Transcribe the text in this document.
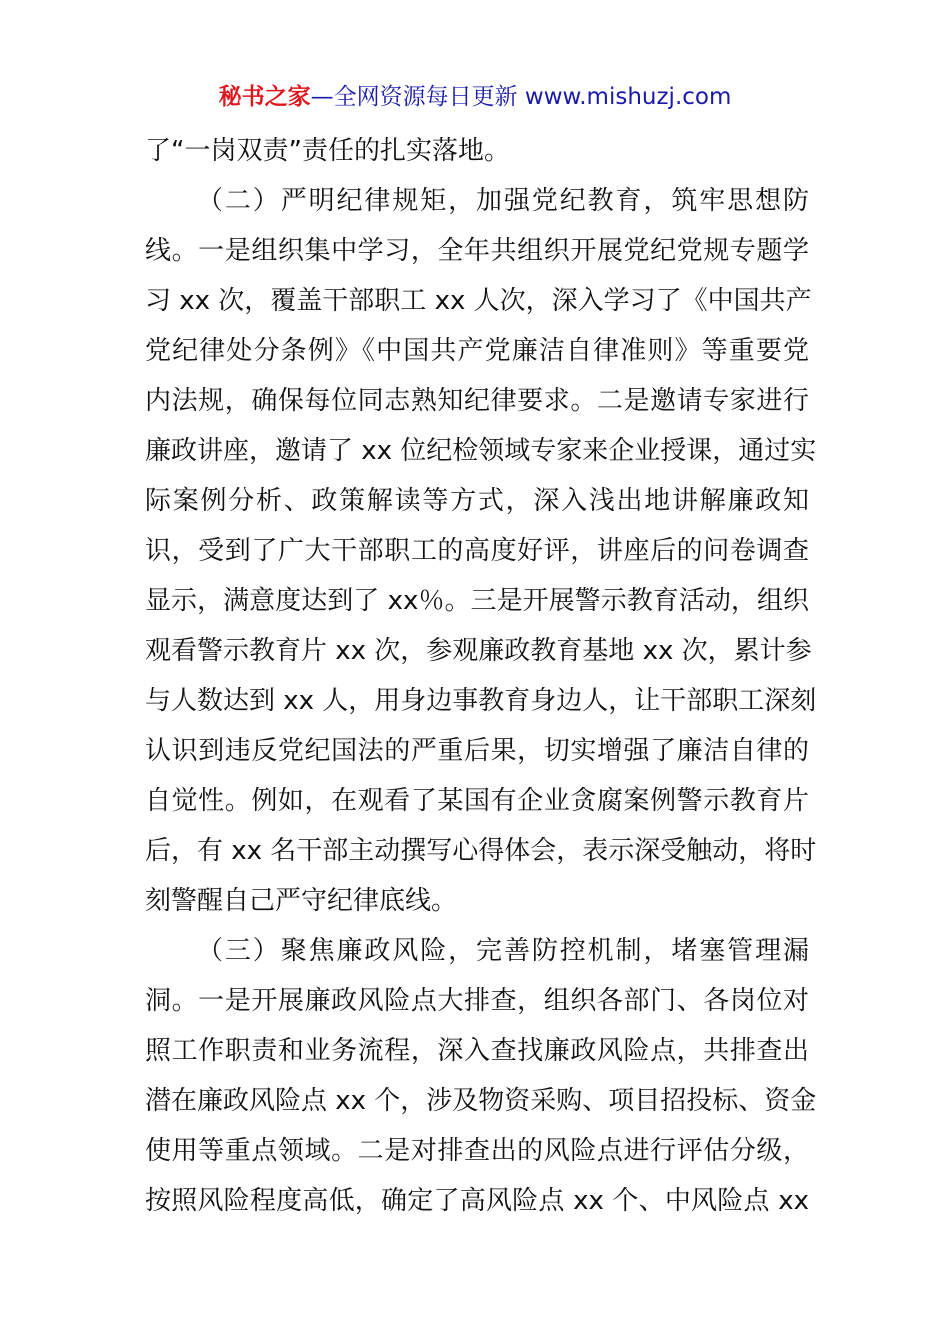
秘书之家—全网资源每日更新 www.mishuzj.com
了“一岗双责”责任的扎实落地。
（二）严明纪律规矩，加强党纪教育，筑牢思想防
线。一是组织集中学习，全年共组织开展党纪党规专题学
习 xx 次，覆盖干部职工 xx 人次，深入学习了《中国共产
党纪律处分条例》《中国共产党廉洁自律准则》等重要党
内法规，确保每位同志熟知纪律要求。二是邀请专家进行
廉政讲座，邀请了 xx 位纪检领域专家来企业授课，通过实
际案例分析、政策解读等方式，深入浅出地讲解廉政知
识，受到了广大干部职工的高度好评，讲座后的问卷调查
显示，满意度达到了 xx％。三是开展警示教育活动，组织
观看警示教育片 xx 次，参观廉政教育基地 xx 次，累计参
与人数达到 xx 人，用身边事教育身边人，让干部职工深刻
认识到违反党纪国法的严重后果，切实增强了廉洁自律的
自觉性。例如，在观看了某国有企业贪腐案例警示教育片
后，有 xx 名干部主动撰写心得体会，表示深受触动，将时
刻警醒自己严守纪律底线。
（三）聚焦廉政风险，完善防控机制，堵塞管理漏
洞。一是开展廉政风险点大排查，组织各部门、各岗位对
照工作职责和业务流程，深入查找廉政风险点，共排查出
潜在廉政风险点 xx 个，涉及物资采购、项目招投标、资金
使用等重点领域。二是对排查出的风险点进行评估分级，
按照风险程度高低，确定了高风险点 xx 个、中风险点 xx
